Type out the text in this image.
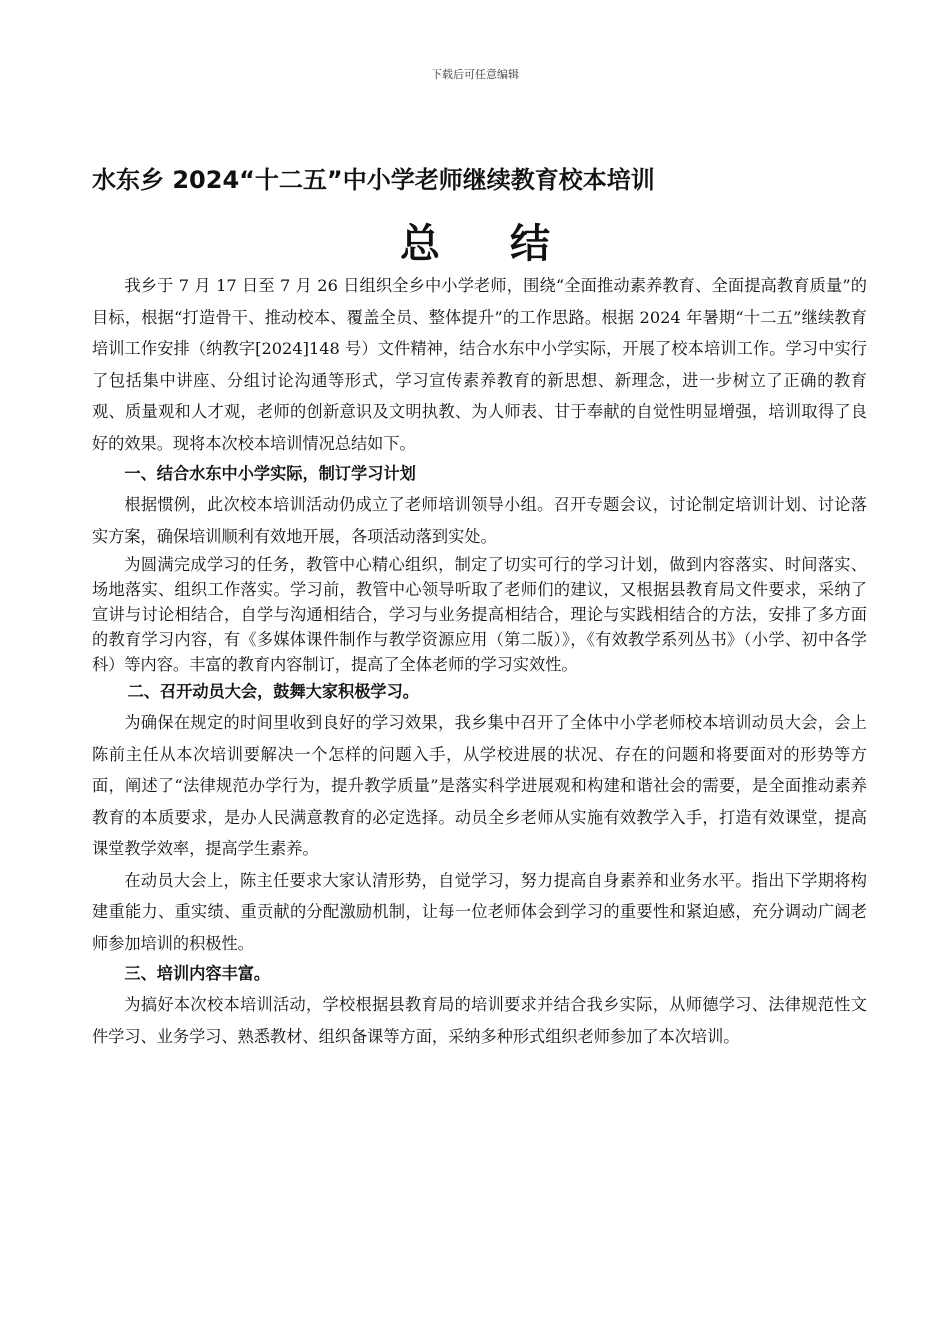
下载后可任意编辑
水东乡 2024“十二五”中小学老师继续教育校本培训
总结

我乡于 7 月 17 日至 7 月 26 日组织全乡中小学老师，围绕“全面推动素养教育、全面提高教育质量”的目标，根据“打造骨干、推动校本、覆盖全员、整体提升”的工作思路。根据 2024 年暑期“十二五”继续教育培训工作安排（纳教字[2024]148 号）文件精神，结合水东中小学实际，开展了校本培训工作。学习中实行了包括集中讲座、分组讨论沟通等形式，学习宣传素养教育的新思想、新理念，进一步树立了正确的教育观、质量观和人才观，老师的创新意识及文明执教、为人师表、甘于奉献的自觉性明显增强，培训取得了良好的效果。现将本次校本培训情况总结如下。

一、结合水东中小学实际，制订学习计划

根据惯例，此次校本培训活动仍成立了老师培训领导小组。召开专题会议，讨论制定培训计划、讨论落实方案，确保培训顺利有效地开展，各项活动落到实处。

为圆满完成学习的任务，教管中心精心组织，制定了切实可行的学习计划，做到内容落实、时间落实、场地落实、组织工作落实。学习前，教管中心领导听取了老师们的建议，又根据县教育局文件要求，采纳了宣讲与讨论相结合，自学与沟通相结合，学习与业务提高相结合，理论与实践相结合的方法，安排了多方面的教育学习内容，有《多媒体课件制作与教学资源应用（第二版）》，《有效教学系列丛书》（小学、初中各学科）等内容。丰富的教育内容制订，提高了全体老师的学习实效性。

二、召开动员大会，鼓舞大家积极学习。

为确保在规定的时间里收到良好的学习效果，我乡集中召开了全体中小学老师校本培训动员大会，会上陈前主任从本次培训要解决一个怎样的问题入手，从学校进展的状况、存在的问题和将要面对的形势等方面，阐述了“法律规范办学行为，提升教学质量”是落实科学进展观和构建和谐社会的需要，是全面推动素养教育的本质要求，是办人民满意教育的必定选择。动员全乡老师从实施有效教学入手，打造有效课堂，提高课堂教学效率，提高学生素养。

在动员大会上，陈主任要求大家认清形势，自觉学习，努力提高自身素养和业务水平。指出下学期将构建重能力、重实绩、重贡献的分配激励机制，让每一位老师体会到学习的重要性和紧迫感，充分调动广阔老师参加培训的积极性。

三、培训内容丰富。

为搞好本次校本培训活动，学校根据县教育局的培训要求并结合我乡实际，从师德学习、法律规范性文件学习、业务学习、熟悉教材、组织备课等方面，采纳多种形式组织老师参加了本次培训。
